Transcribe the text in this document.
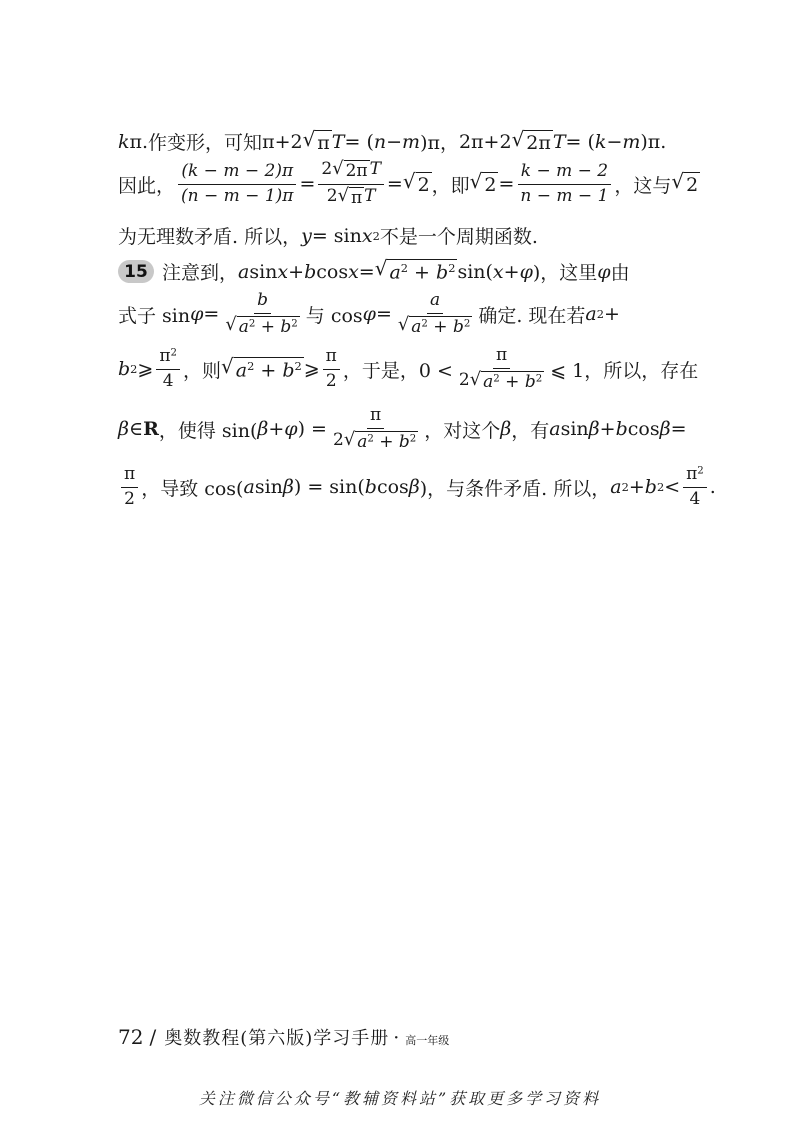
k π. 作变形，可知 π +2 √ π T = ( n − m )π， 2π+2 √ 2π T = ( k − m )π.
因此， $\frac{(k - m - 2)\pi}{(n - m - 1)\pi} = \frac{\text{2 √ 2π T}}{\text{2 √ π T}}$ = √ 2 ，即 √ $2 = \frac{k - m - 2}{n - m - 1}$ ，这与 √ 2
为无理数矛盾. 所以， y = sin x 2 不是一个周期函数.
15 注意到， a sin x + b cos x = √ $a^2 + b^2$ sin( x + φ )，这里 φ 由
式子 $\sin \varphi = \frac{b}{√ a^2 + b^2}$ 与 $\cos \varphi = \frac{a}{√ a^2 + b^2}$ 确定. 现在若 a 2 +
b 2 ⩾ $\frac{\pi^2}{4}$ ，则 √ $a^2 + b^2$ ⩾ $\frac{\pi}{2}$ ，于是，$0 < \frac{\pi}{2 √ a^2 + b^2}$ ⩽ 1，所以，存在
β ∈ R ，使得 sin( β + φ ) = $\frac{\pi}{2 √ a^2 + b^2}$ ，对这个 β ，有 a sin β + b cos β =
$\frac{\pi}{2}$ ，导致 cos( a sin β ) = sin( b cos β )，与条件矛盾. 所以， a 2 + b $2 < \frac{\pi^2}{4}$ .
72 / 奥数教程(第六版)学习手册 · 高一年级
关注微信公众号“教辅资料站”获取更多学习资料
